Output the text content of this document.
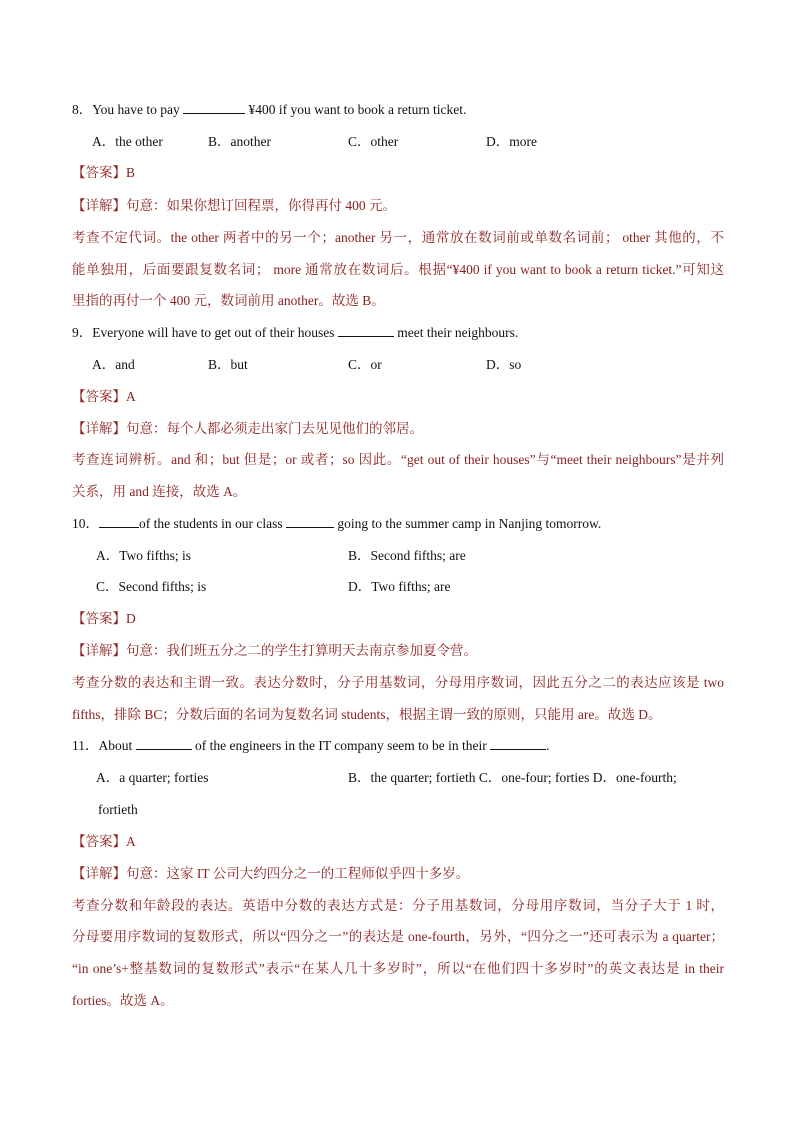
8．You have to pay	¥400 if you want to book a return ticket.
A．the other	B．another	C．other	D．more
【答案】B
【详解】句意：如果你想订回程票，你得再付 400 元。
考查不定代词。the other 两者中的另一个；another 另一，通常放在数词前或单数名词前； other 其他的，不
能单独用，后面要跟复数名词； more 通常放在数词后。根据“¥400 if you want to book a return ticket.”可知这
里指的再付一个 400 元，数词前用 another。故选 B。
9．Everyone will have to get out of their houses	meet their neighbours.
A．and	B．but	C．or	D．so
【答案】A
【详解】句意：每个人都必须走出家门去见见他们的邻居。
考查连词辨析。and 和；but 但是；or 或者；so 因此。“get out of their houses”与“meet their neighbours”是并列
关系，用 and 连接，故选 A。
10．	of the students in our class	going to the summer camp in Nanjing tomorrow.
A．Two fifths; is	B．Second fifths; are
C．Second fifths; is	D．Two fifths; are
【答案】D
【详解】句意：我们班五分之二的学生打算明天去南京参加夏令营。
考查分数的表达和主谓一致。表达分数时，分子用基数词，分母用序数词，因此五分之二的表达应该是 two
fifths，排除 BC；分数后面的名词为复数名词 students，根据主谓一致的原则，只能用 are。故选 D。
11．About	of the engineers in the IT company seem to be in their	.
A．a quarter; forties	B．the quarter; fortieth C．one-four; forties D．one-fourth;
fortieth
【答案】A
【详解】句意：这家 IT 公司大约四分之一的工程师似乎四十多岁。
考查分数和年龄段的表达。英语中分数的表达方式是：分子用基数词，分母用序数词，当分子大于 1 时，
分母要用序数词的复数形式，所以“四分之一”的表达是 one-fourth，另外，“四分之一”还可表示为 a quarter；
“in one’s+整基数词的复数形式”表示“在某人几十多岁时”，所以“在他们四十多岁时”的英文表达是 in their
forties。故选 A。
